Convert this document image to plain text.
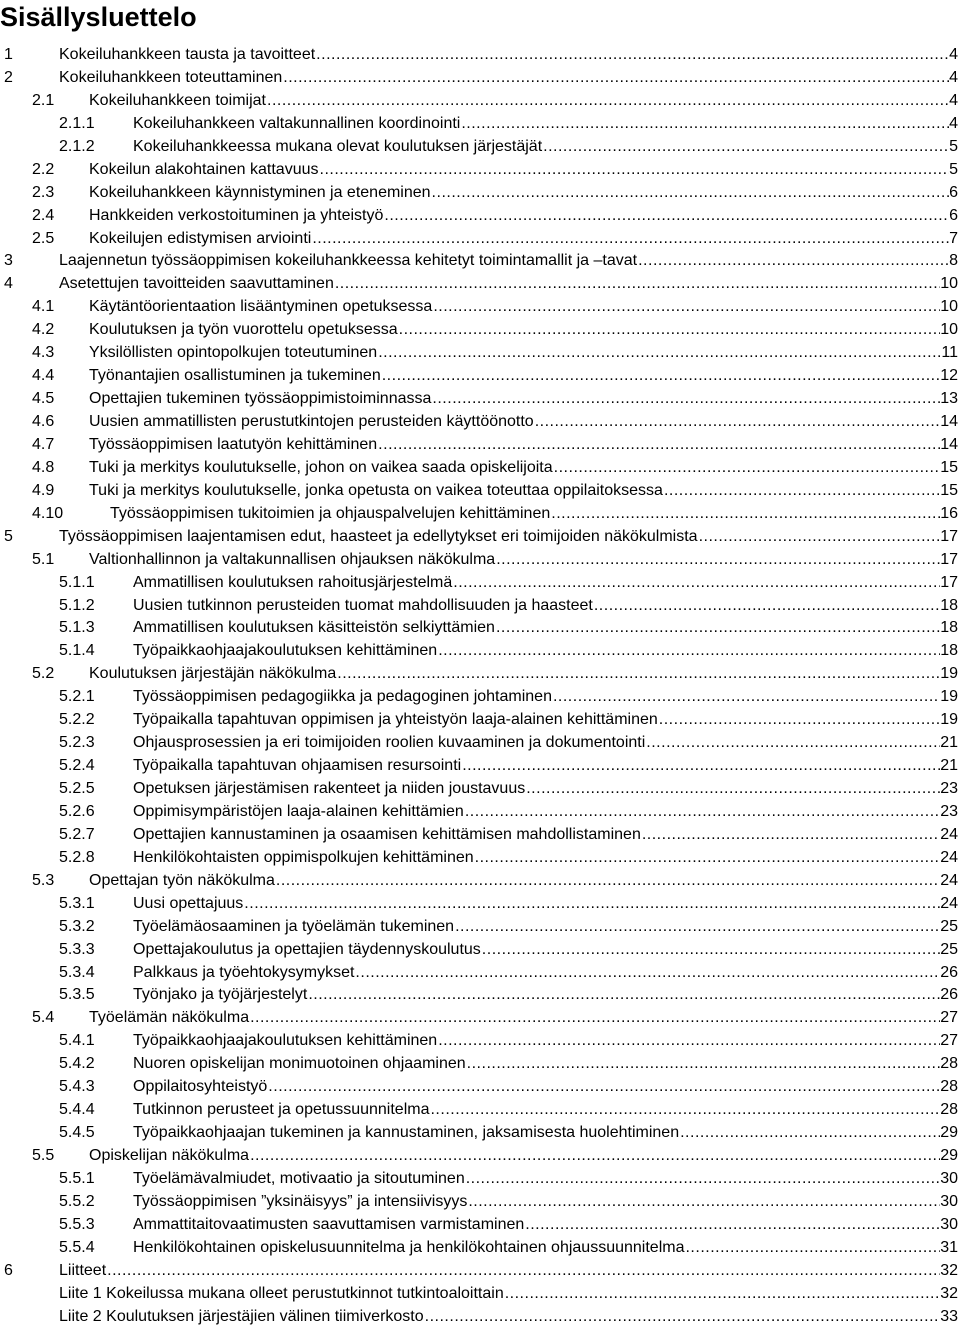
Sisällysluettelo
1	Kokeiluhankkeen tausta ja tavoitteet .....	4
2	Kokeiluhankkeen toteuttaminen .....	4
2.1 Kokeiluhankkeen toimijat .....	4
2.1.1 Kokeiluhankkeen valtakunnallinen koordinointi .....	4
2.1.2 Kokeiluhankkeessa mukana olevat koulutuksen järjestäjät .....	5
2.2 Kokeilun alakohtainen kattavuus .....	5
2.3 Kokeiluhankkeen käynnistyminen ja eteneminen .....	6
2.4 Hankkeiden verkostoituminen ja yhteistyö .....	6
2.5 Kokeilujen edistymisen arviointi .....	7
3	Laajennetun työssäoppimisen kokeiluhankkeessa kehitetyt toimintamallit ja –tavat .....	8
4	Asetettujen tavoitteiden saavuttaminen .....	10
4.1 Käytäntöorientaation lisääntyminen opetuksessa .....	10
4.2 Koulutuksen ja työn vuorottelu opetuksessa .....	10
4.3 Yksilöllisten opintopolkujen toteutuminen .....	11
4.4 Työnantajien osallistuminen ja tukeminen .....	12
4.5 Opettajien tukeminen työssäoppimistoiminnassa .....	13
4.6 Uusien ammatillisten perustutkintojen perusteiden käyttöönotto .....	14
4.7 Työssäoppimisen laatutyön kehittäminen .....	14
4.8 Tuki ja merkitys koulutukselle, johon on vaikea saada opiskelijoita .....	15
4.9 Tuki ja merkitys koulutukselle, jonka opetusta on vaikea toteuttaa oppilaitoksessa .....	15
4.10	Työssäoppimisen tukitoimien ja ohjauspalvelujen kehittäminen .....	16
5	Työssäoppimisen laajentamisen edut, haasteet ja edellytykset eri toimijoiden näkökulmista .....	17
5.1 Valtionhallinnon ja valtakunnallisen ohjauksen näkökulma .....	17
5.1.1 Ammatillisen koulutuksen rahoitusjärjestelmä .....	17
5.1.2 Uusien tutkinnon perusteiden tuomat mahdollisuuden ja haasteet .....	18
5.1.3 Ammatillisen koulutuksen käsitteistön selkiyttämien .....	18
5.1.4 Työpaikkaohjaajakoulutuksen kehittäminen .....	18
5.2 Koulutuksen järjestäjän näkökulma .....	19
5.2.1 Työssäoppimisen pedagogiikka ja pedagoginen johtaminen .....	19
5.2.2 Työpaikalla tapahtuvan oppimisen ja yhteistyön laaja-alainen kehittäminen .....	19
5.2.3 Ohjausprosessien ja eri toimijoiden roolien kuvaaminen ja dokumentointi .....	21
5.2.4 Työpaikalla tapahtuvan ohjaamisen resursointi .....	21
5.2.5 Opetuksen järjestämisen rakenteet ja niiden joustavuus .....	23
5.2.6 Oppimisympäristöjen laaja-alainen kehittämien .....	23
5.2.7 Opettajien kannustaminen ja osaamisen kehittämisen mahdollistaminen .....	24
5.2.8 Henkilökohtaisten oppimispolkujen kehittäminen .....	24
5.3 Opettajan työn näkökulma .....	24
5.3.1 Uusi opettajuus .....	24
5.3.2 Työelämäosaaminen ja työelämän tukeminen .....	25
5.3.3 Opettajakoulutus ja opettajien täydennyskoulutus .....	25
5.3.4 Palkkaus ja työehtokysymykset .....	26
5.3.5 Työnjako ja työjärjestelyt .....	26
5.4 Työelämän näkökulma .....	27
5.4.1 Työpaikkaohjaajakoulutuksen kehittäminen .....	27
5.4.2 Nuoren opiskelijan monimuotoinen ohjaaminen .....	28
5.4.3 Oppilaitosyhteistyö .....	28
5.4.4 Tutkinnon perusteet ja opetussuunnitelma .....	28
5.4.5 Työpaikkaohjaajan tukeminen ja kannustaminen, jaksamisesta huolehtiminen .....	29
5.5 Opiskelijan näkökulma .....	29
5.5.1 Työelämävalmiudet, motivaatio ja sitoutuminen .....	30
5.5.2 Työssäoppimisen ”yksinäisyys” ja intensiivisyys .....	30
5.5.3 Ammattitaitovaatimusten saavuttamisen varmistaminen .....	30
5.5.4 Henkilökohtainen opiskelusuunnitelma ja henkilökohtainen ohjaussuunnitelma .....	31
6	Liitteet .....	32
Liite 1 Kokeilussa mukana olleet perustutkinnot tutkintoaloittain .....	32
Liite 2 Koulutuksen järjestäjien välinen tiimiverkosto .....	33
